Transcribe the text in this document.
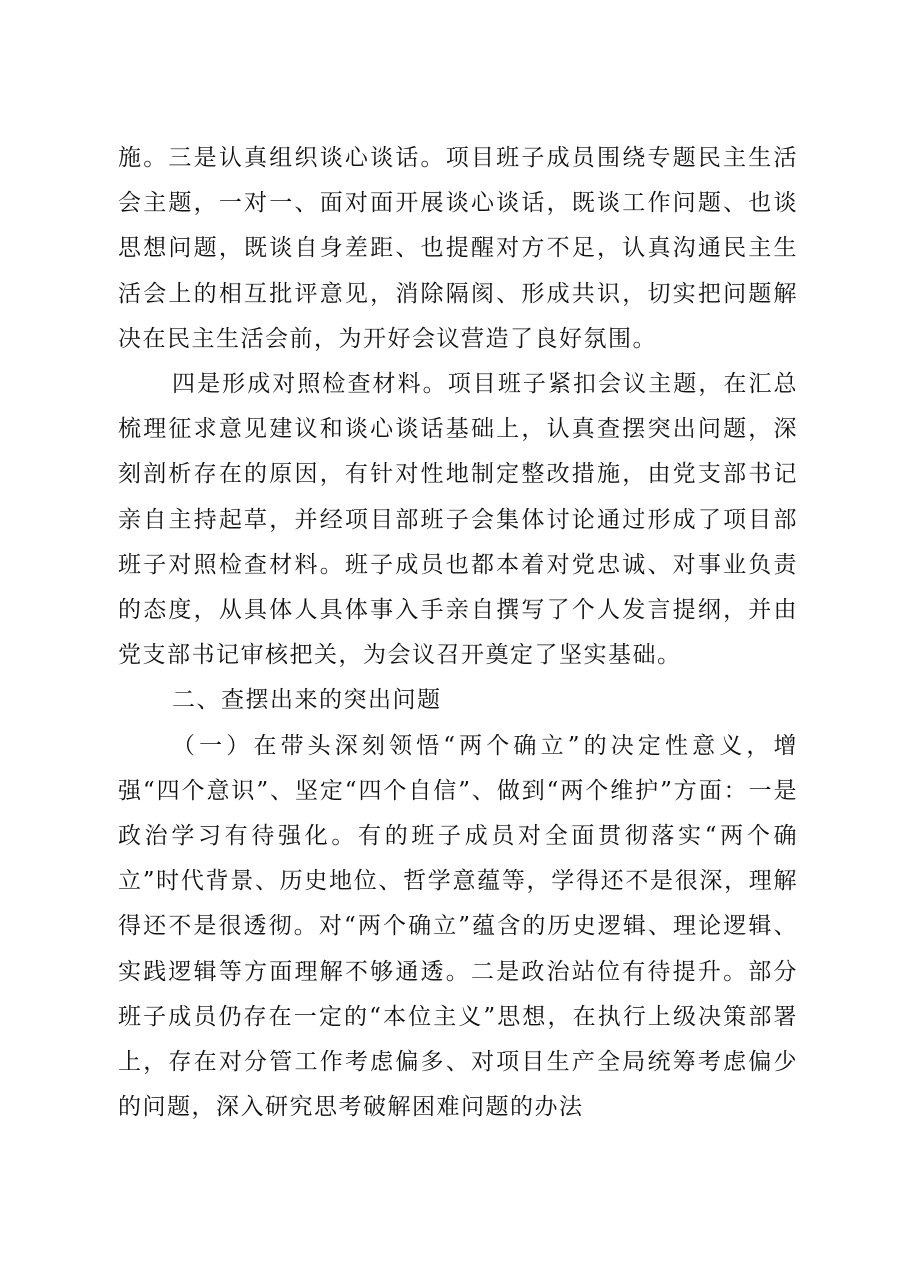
施。三是认真组织谈心谈话。项目班子成员围绕专题民主生活会主题，一对一、面对面开展谈心谈话，既谈工作问题、也谈思想问题，既谈自身差距、也提醒对方不足，认真沟通民主生活会上的相互批评意见，消除隔阂、形成共识，切实把问题解决在民主生活会前，为开好会议营造了良好氛围。

四是形成对照检查材料。项目班子紧扣会议主题，在汇总梳理征求意见建议和谈心谈话基础上，认真查摆突出问题，深刻剖析存在的原因，有针对性地制定整改措施，由党支部书记亲自主持起草，并经项目部班子会集体讨论通过形成了项目部班子对照检查材料。班子成员也都本着对党忠诚、对事业负责的态度，从具体人具体事入手亲自撰写了个人发言提纲，并由党支部书记审核把关，为会议召开奠定了坚实基础。

二、查摆出来的突出问题

（一）在带头深刻领悟“两个确立”的决定性意义，增强“四个意识”、坚定“四个自信”、做到“两个维护”方面：一是政治学习有待强化。有的班子成员对全面贯彻落实“两个确立”时代背景、历史地位、哲学意蕴等，学得还不是很深，理解得还不是很透彻。对“两个确立”蕴含的历史逻辑、理论逻辑、实践逻辑等方面理解不够通透。二是政治站位有待提升。部分班子成员仍存在一定的“本位主义”思想，在执行上级决策部署上，存在对分管工作考虑偏多、对项目生产全局统筹考虑偏少的问题，深入研究思考破解困难问题的办法
